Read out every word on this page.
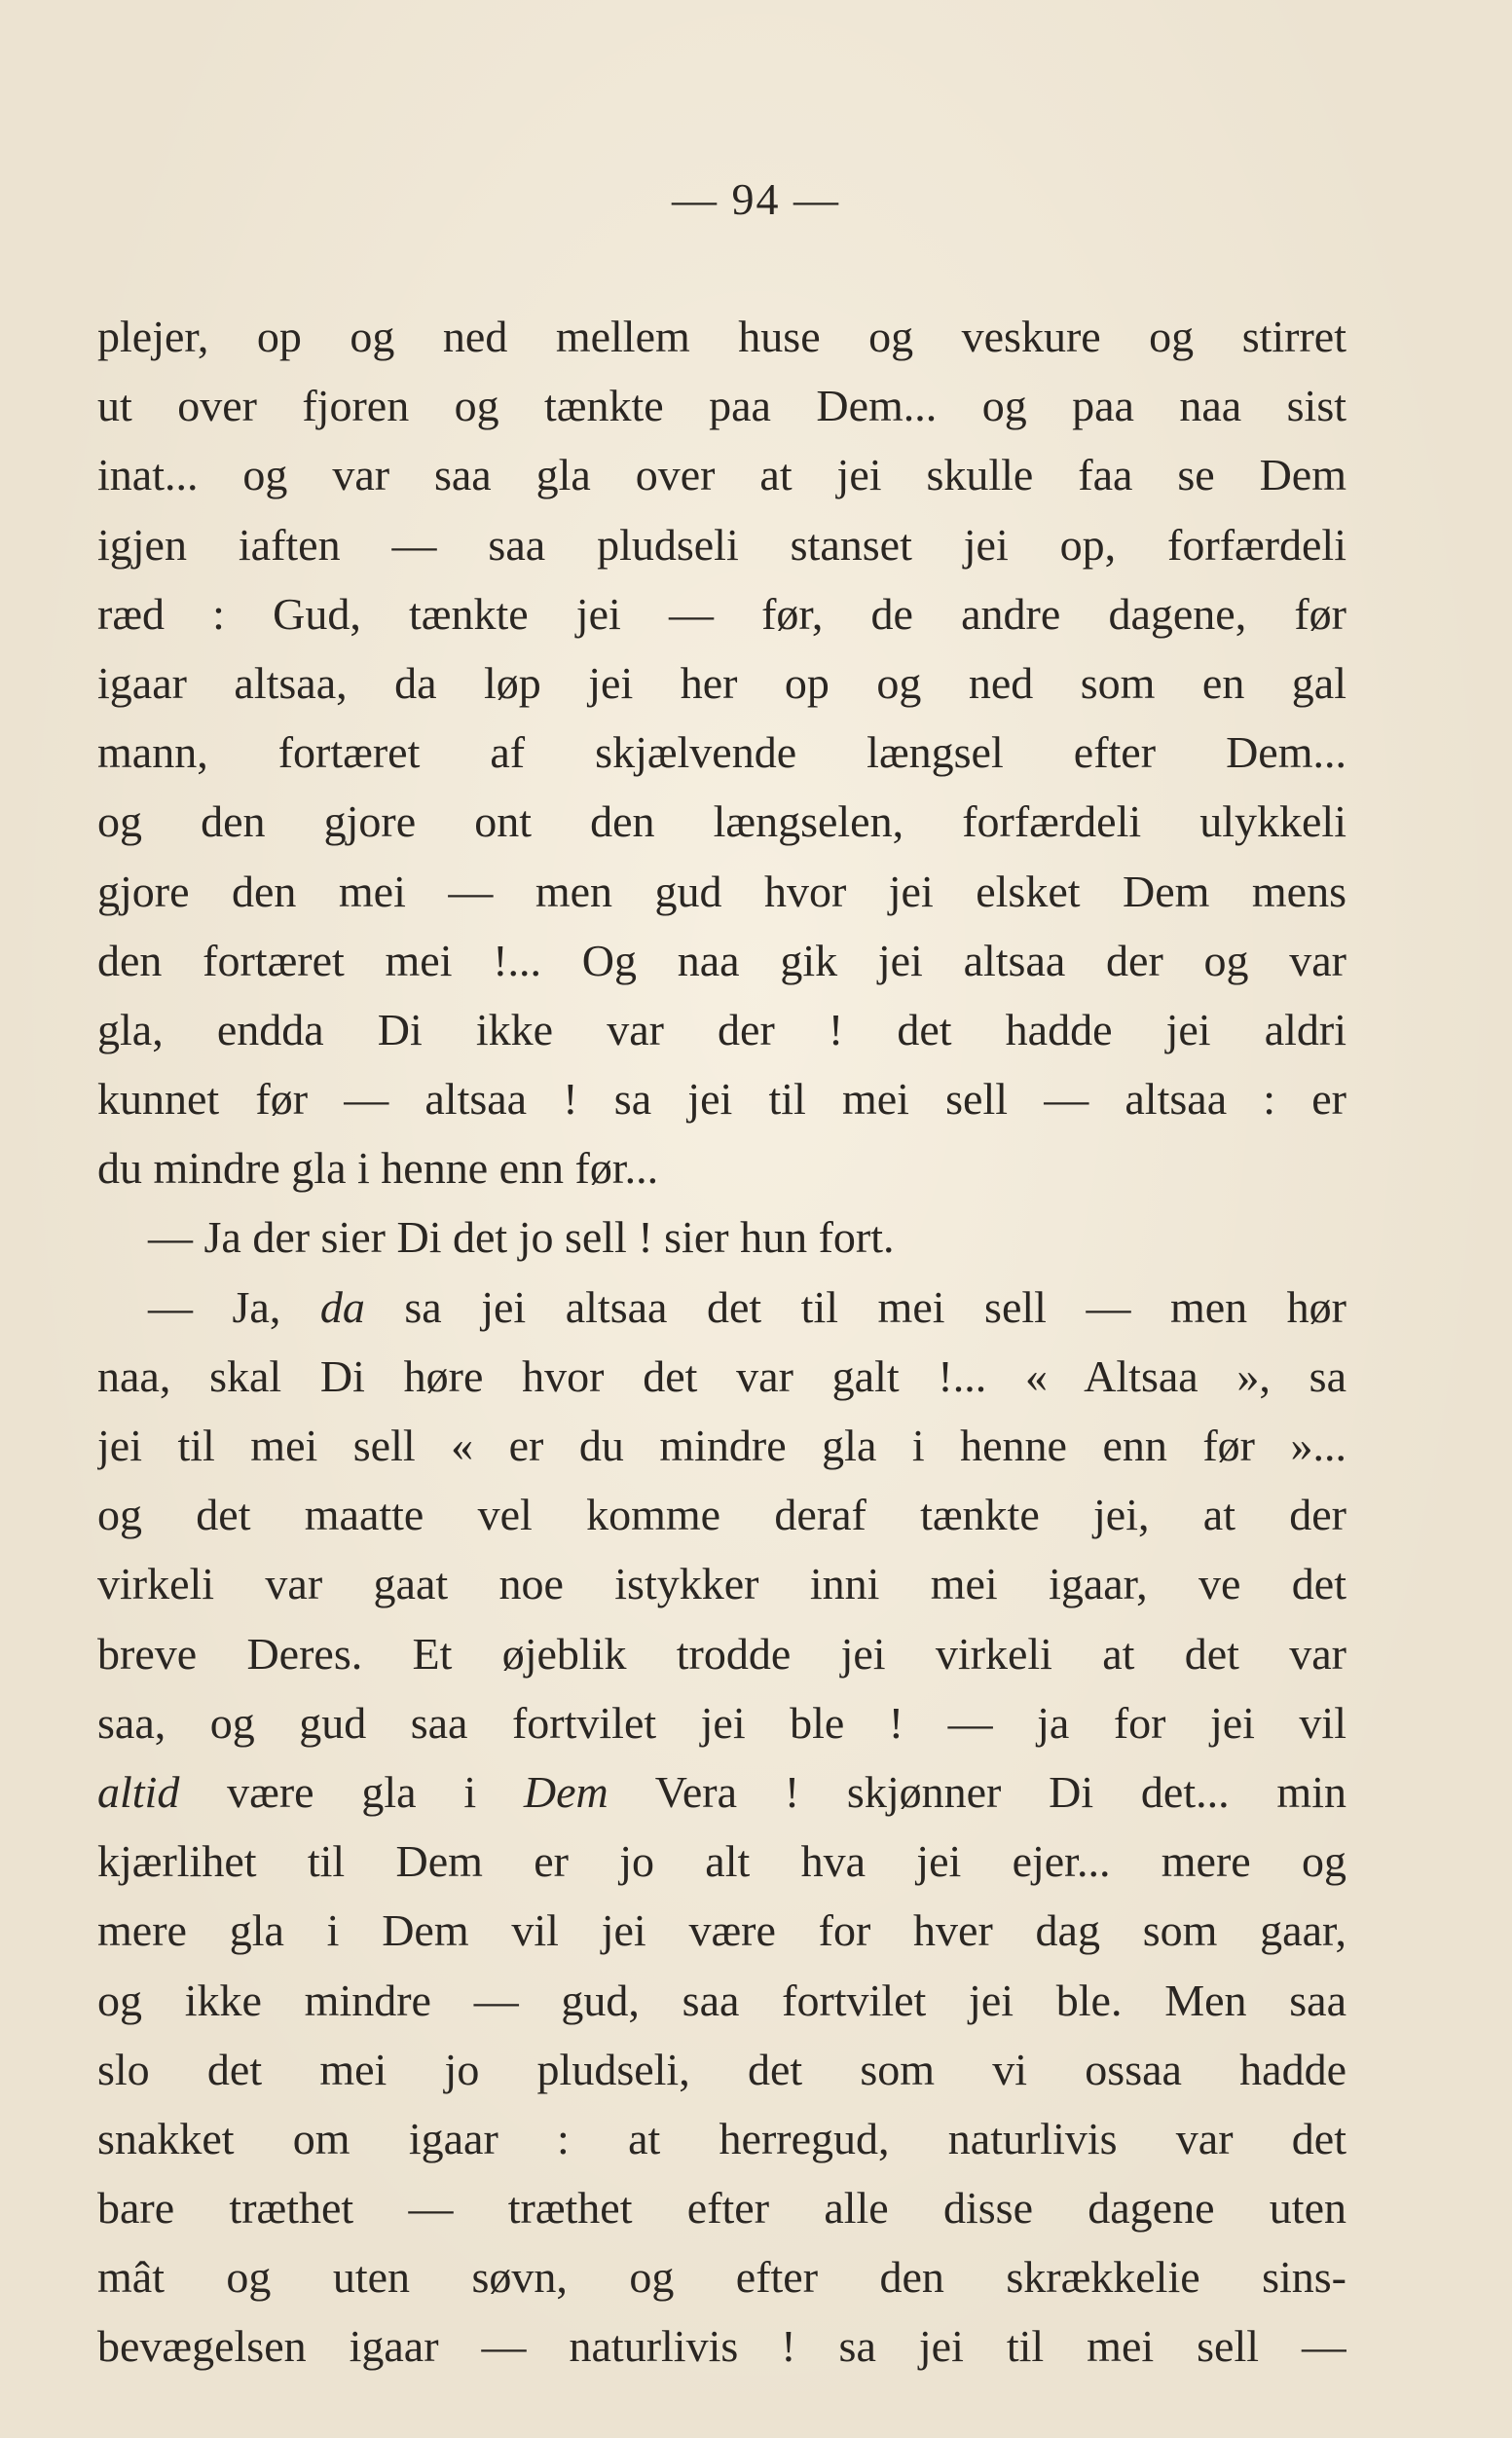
— 94 —
plejer, op og ned mellem huse og veskure og stirret
ut over fjoren og tænkte paa Dem... og paa naa sist
inat... og var saa gla over at jei skulle faa se Dem
igjen iaften — saa pludseli stanset jei op, forfærdeli
ræd : Gud, tænkte jei — før, de andre dagene, før
igaar altsaa, da løp jei her op og ned som en gal
mann, fortæret af skjælvende længsel efter Dem...
og den gjore ont den længselen, forfærdeli ulykkeli
gjore den mei — men gud hvor jei elsket Dem mens
den fortæret mei !... Og naa gik jei altsaa der og var
gla, endda Di ikke var der ! det hadde jei aldri
kunnet før — altsaa ! sa jei til mei sell — altsaa : er
du mindre gla i henne enn før...
— Ja der sier Di det jo sell ! sier hun fort.
— Ja, da sa jei altsaa det til mei sell — men hør
naa, skal Di høre hvor det var galt !... « Altsaa », sa
jei til mei sell « er du mindre gla i henne enn før »...
og det maatte vel komme deraf tænkte jei, at der
virkeli var gaat noe istykker inni mei igaar, ve det
breve Deres. Et øjeblik trodde jei virkeli at det var
saa, og gud saa fortvilet jei ble ! — ja for jei vil
altid være gla i Dem Vera ! skjønner Di det... min
kjærlihet til Dem er jo alt hva jei ejer... mere og
mere gla i Dem vil jei være for hver dag som gaar,
og ikke mindre — gud, saa fortvilet jei ble. Men saa
slo det mei jo pludseli, det som vi ossaa hadde
snakket om igaar : at herregud, naturlivis var det
bare træthet — træthet efter alle disse dagene uten
mât og uten søvn, og efter den skrækkelie sins-
bevægelsen igaar — naturlivis ! sa jei til mei sell —
